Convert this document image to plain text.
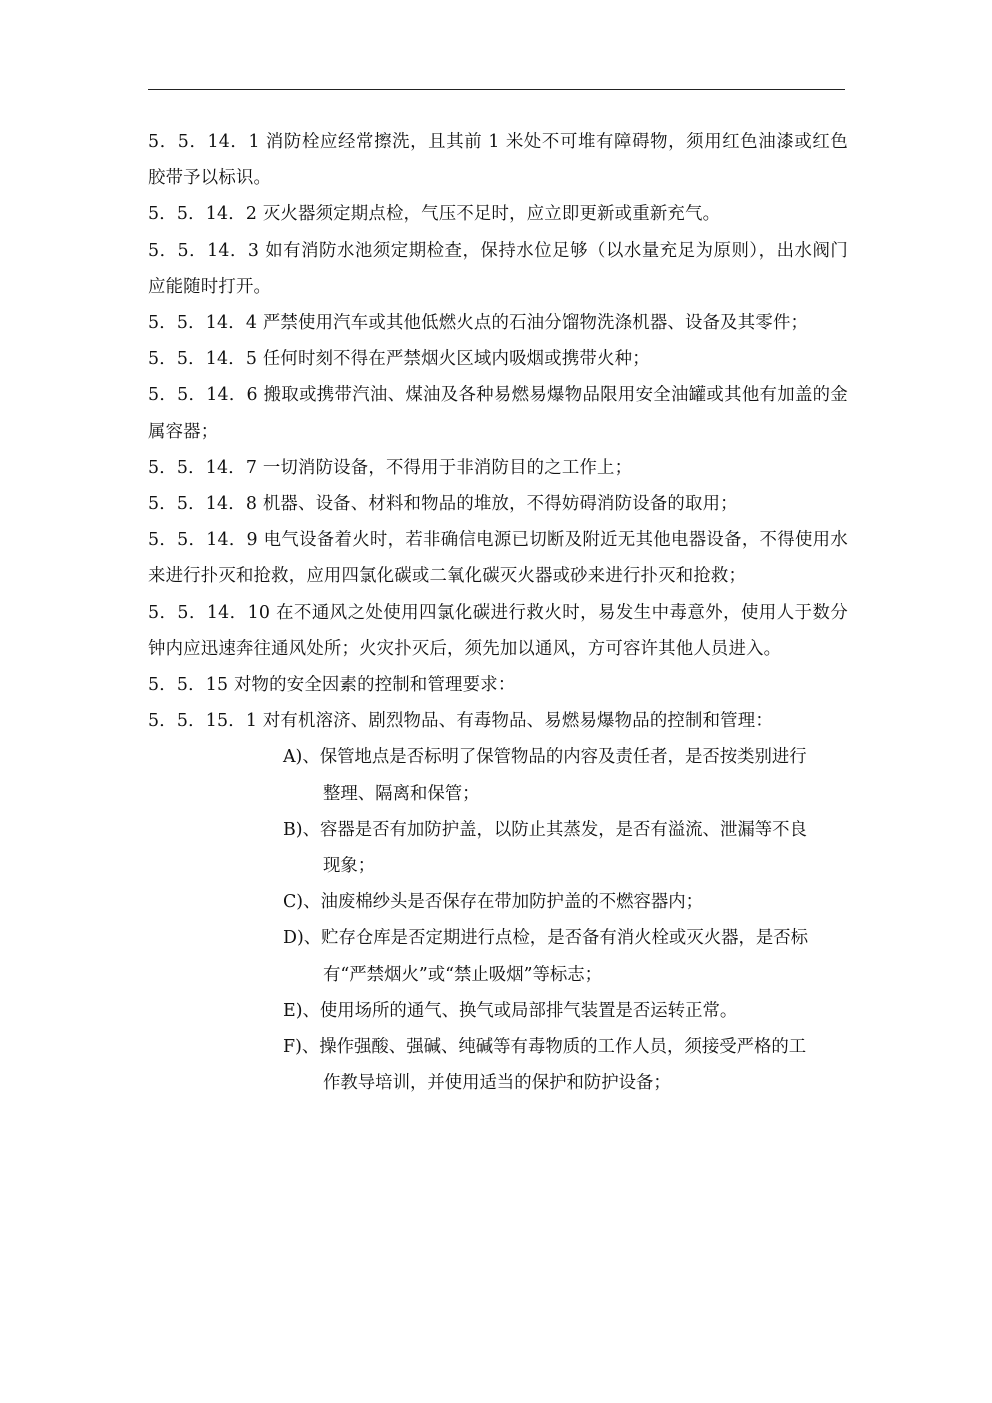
5．5．14．1 消防栓应经常擦洗，且其前 1 米处不可堆有障碍物，须用红色油漆或红色胶带予以标识。

5．5．14．2 灭火器须定期点检，气压不足时，应立即更新或重新充气。

5．5．14．3 如有消防水池须定期检查，保持水位足够（以水量充足为原则），出水阀门应能随时打开。

5．5．14．4 严禁使用汽车或其他低燃火点的石油分馏物洗涤机器、设备及其零件；

5．5．14．5 任何时刻不得在严禁烟火区域内吸烟或携带火种；

5．5．14．6 搬取或携带汽油、煤油及各种易燃易爆物品限用安全油罐或其他有加盖的金属容器；

5．5．14．7 一切消防设备，不得用于非消防目的之工作上；

5．5．14．8 机器、设备、材料和物品的堆放，不得妨碍消防设备的取用；

5．5．14．9 电气设备着火时，若非确信电源已切断及附近无其他电器设备，不得使用水来进行扑灭和抢救，应用四氯化碳或二氧化碳灭火器或砂来进行扑灭和抢救；

5．5．14．10 在不通风之处使用四氯化碳进行救火时，易发生中毒意外，使用人于数分钟内应迅速奔往通风处所；火灾扑灭后，须先加以通风，方可容许其他人员进入。

5．5．15 对物的安全因素的控制和管理要求：

5．5．15．1 对有机溶济、剧烈物品、有毒物品、易燃易爆物品的控制和管理：

A)、保管地点是否标明了保管物品的内容及责任者，是否按类别进行
整理、隔离和保管；
B)、容器是否有加防护盖，以防止其蒸发，是否有溢流、泄漏等不良
现象；
C)、油废棉纱头是否保存在带加防护盖的不燃容器内；
D)、贮存仓库是否定期进行点检，是否备有消火栓或灭火器，是否标
有“严禁烟火”或“禁止吸烟”等标志；
E)、使用场所的通气、换气或局部排气装置是否运转正常。
F)、操作强酸、强碱、纯碱等有毒物质的工作人员，须接受严格的工
作教导培训，并使用适当的保护和防护设备；
